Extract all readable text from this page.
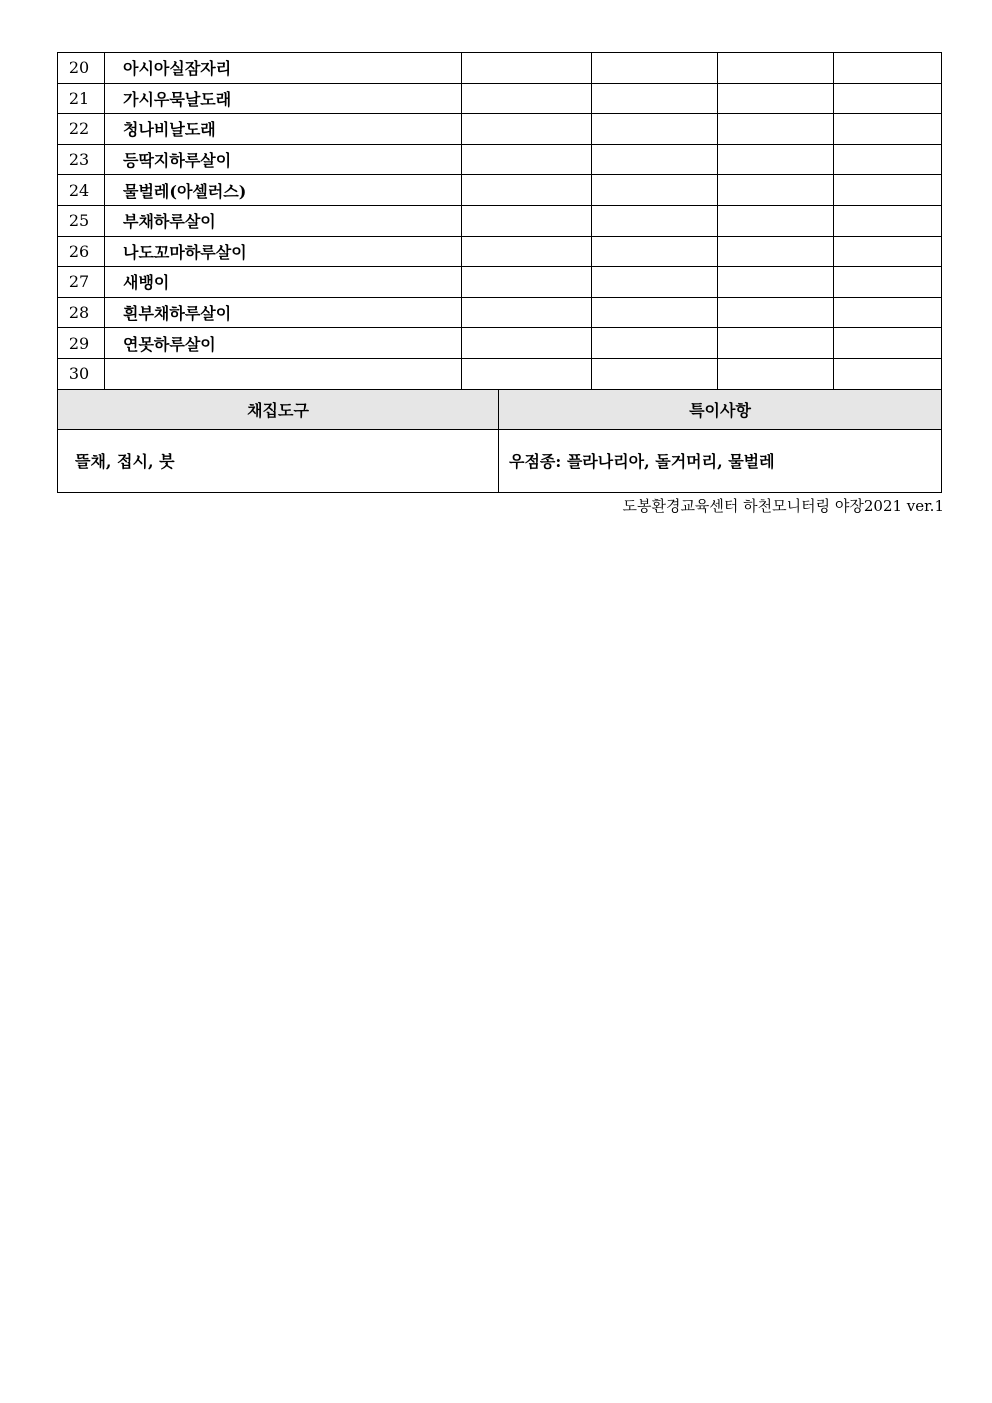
20	아시아실잠자리				
21	가시우묵날도래				
22	청나비날도래				
23	등딱지하루살이				
24	물벌레(아셀러스)				
25	부채하루살이				
26	나도꼬마하루살이				
27	새뱅이				
28	흰부채하루살이				
29	연못하루살이				
30					
채집도구	특이사항
뜰채, 접시, 붓	우점종: 플라나리아, 돌거머리, 물벌레
도봉환경교육센터 하천모니터링 야장2021 ver.1
